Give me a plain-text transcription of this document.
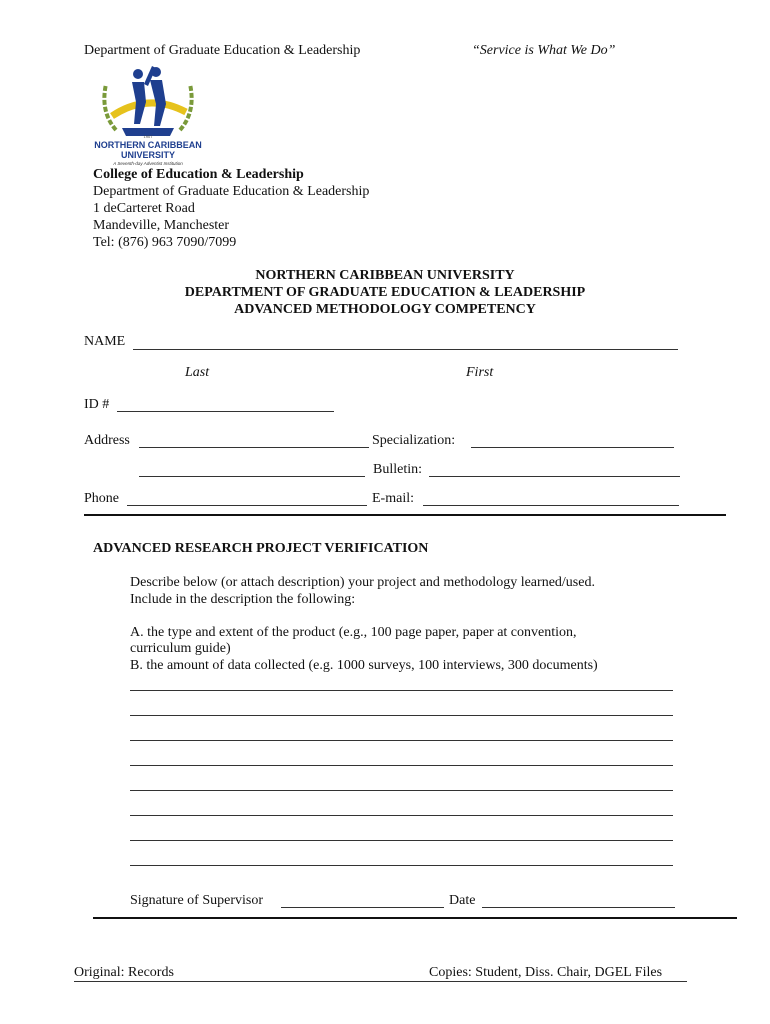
Department of Graduate Education & Leadership	“Service is What We Do”
NORTHERN CARIBBEAN
UNIVERSITY
A Seventh-day Adventist Institution
1907
College of Education & Leadership
Department of Graduate Education & Leadership
1 deCarteret Road
Mandeville, Manchester
Tel: (876) 963 7090/7099
NORTHERN CARIBBEAN UNIVERSITY
DEPARTMENT OF GRADUATE EDUCATION & LEADERSHIP
ADVANCED METHODOLOGY COMPETENCY
NAME
Last	First
ID #
Address	Specialization:
Bulletin:
Phone	E-mail:
ADVANCED RESEARCH PROJECT VERIFICATION
Describe below (or attach description) your project and methodology learned/used.
Include in the description the following:
A. the type and extent of the product (e.g., 100 page paper, paper at convention,
curriculum guide)
B. the amount of data collected (e.g. 1000 surveys, 100 interviews, 300 documents)
Signature of Supervisor	Date
Original: Records	Copies: Student, Diss. Chair, DGEL Files
